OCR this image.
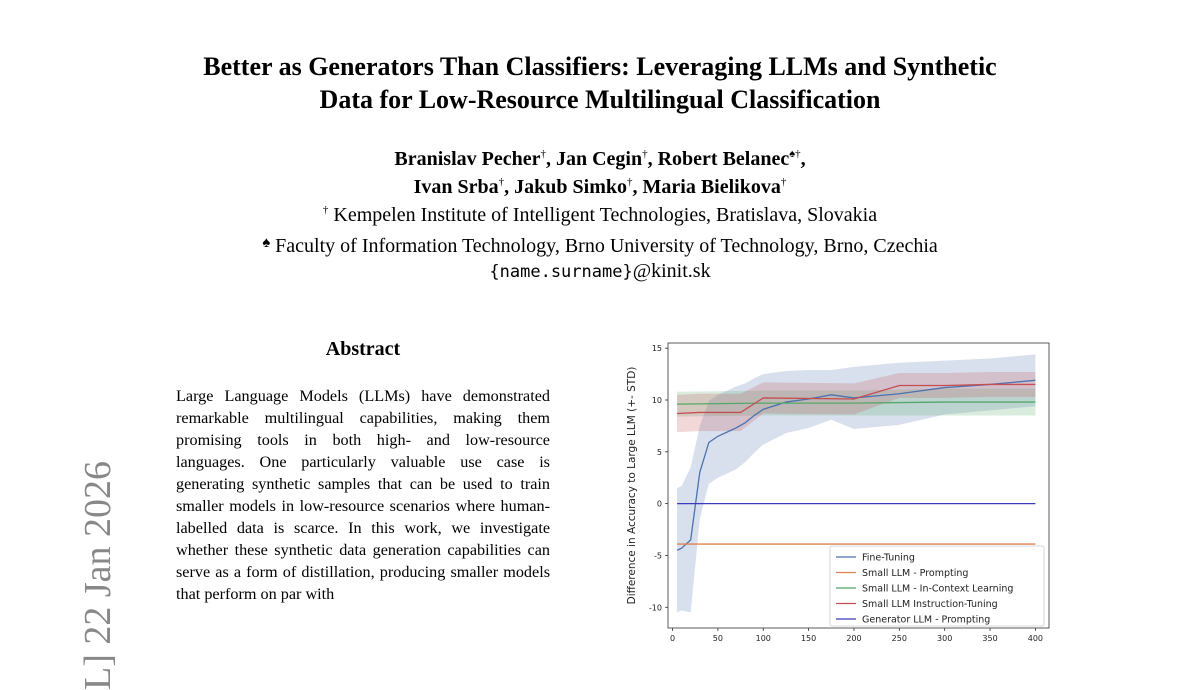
Better as Generators Than Classifiers: Leveraging LLMs and Synthetic
Data for Low-Resource Multilingual Classification
Branislav Pecher†, Jan Cegin†, Robert Belanec♠†,
Ivan Srba†, Jakub Simko†, Maria Bielikova†
† Kempelen Institute of Intelligent Technologies, Bratislava, Slovakia
♠ Faculty of Information Technology, Brno University of Technology, Brno, Czechia
{name.surname}@kinit.sk
L] 22 Jan 2026
Abstract
Large Language Models (LLMs) have demonstrated remarkable multilingual capabilities, making them promising tools in both high- and low-resource languages. One particularly valuable use case is generating synthetic samples that can be used to train smaller models in low-resource scenarios where human-labelled data is scarce. In this work, we investigate whether these synthetic data generation capabilities can serve as a form of distillation, producing smaller models that perform on par with
0	50	100	150	200	250	300	350	400
-10
-5
0
5
10
15
Difference in Accuracy to Large LLM (+- STD)	Fine-Tuning
Small LLM - Prompting
Small LLM - In-Context Learning
Small LLM Instruction-Tuning
Generator LLM - Prompting
